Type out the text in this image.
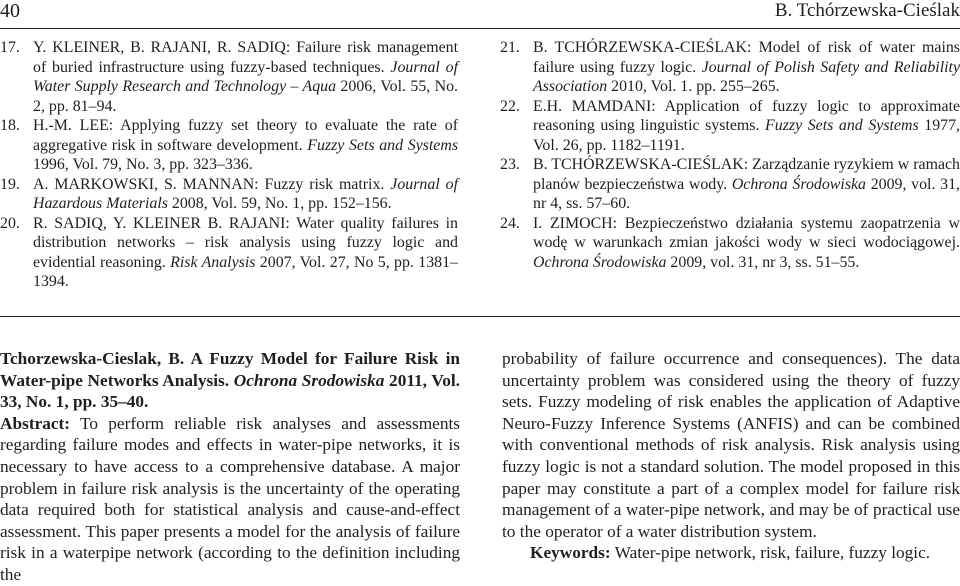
40	B. Tchórzewska-Cieślak
17. Y. KLEINER, B. RAJANI, R. SADIQ: Failure risk management of buried infrastructure using fuzzy-based techniques. Journal of Water Supply Research and Technology – Aqua 2006, Vol. 55, No. 2, pp. 81–94.
18. H.-M. LEE: Applying fuzzy set theory to evaluate the rate of aggregative risk in software development. Fuzzy Sets and Systems 1996, Vol. 79, No. 3, pp. 323–336.
19. A. MARKOWSKI, S. MANNAN: Fuzzy risk matrix. Journal of Hazardous Materials 2008, Vol. 59, No. 1, pp. 152–156.
20. R. SADIQ, Y. KLEINER B. RAJANI: Water quality failures in distribution networks – risk analysis using fuzzy logic and evidential reasoning. Risk Analysis 2007, Vol. 27, No 5, pp. 1381–1394.
21. B. TCHÓRZEWSKA-CIEŚLAK: Model of risk of water mains failure using fuzzy logic. Journal of Polish Safety and Reliability Association 2010, Vol. 1. pp. 255–265.
22. E.H. MAMDANI: Application of fuzzy logic to approximate reasoning using linguistic systems. Fuzzy Sets and Systems 1977, Vol. 26, pp. 1182–1191.
23. B. TCHÓRZEWSKA-CIEŚLAK: Zarządzanie ryzykiem w ramach planów bezpieczeństwa wody. Ochrona Środowiska 2009, vol. 31, nr 4, ss. 57–60.
24. I. ZIMOCH: Bezpieczeństwo działania systemu zaopatrzenia w wodę w warunkach zmian jakości wody w sieci wodociągowej. Ochrona Środowiska 2009, vol. 31, nr 3, ss. 51–55.
Tchorzewska-Cieslak, B. A Fuzzy Model for Failure Risk in Water-pipe Networks Analysis. Ochrona Srodowiska 2011, Vol. 33, No. 1, pp. 35–40.
Abstract: To perform reliable risk analyses and assessments regarding failure modes and effects in water-pipe networks, it is necessary to have access to a comprehensive database. A major problem in failure risk analysis is the uncertainty of the operating data required both for statistical analysis and cause-and-effect assessment. This paper presents a model for the analysis of failure risk in a waterpipe network (according to the definition including the
probability of failure occurrence and consequences). The data uncertainty problem was considered using the theory of fuzzy sets. Fuzzy modeling of risk enables the application of Adaptive Neuro-Fuzzy Inference Systems (ANFIS) and can be combined with conventional methods of risk analysis. Risk analysis using fuzzy logic is not a standard solution. The model proposed in this paper may constitute a part of a complex model for failure risk management of a water-pipe network, and may be of practical use to the operator of a water distribution system.
Keywords: Water-pipe network, risk, failure, fuzzy logic.
